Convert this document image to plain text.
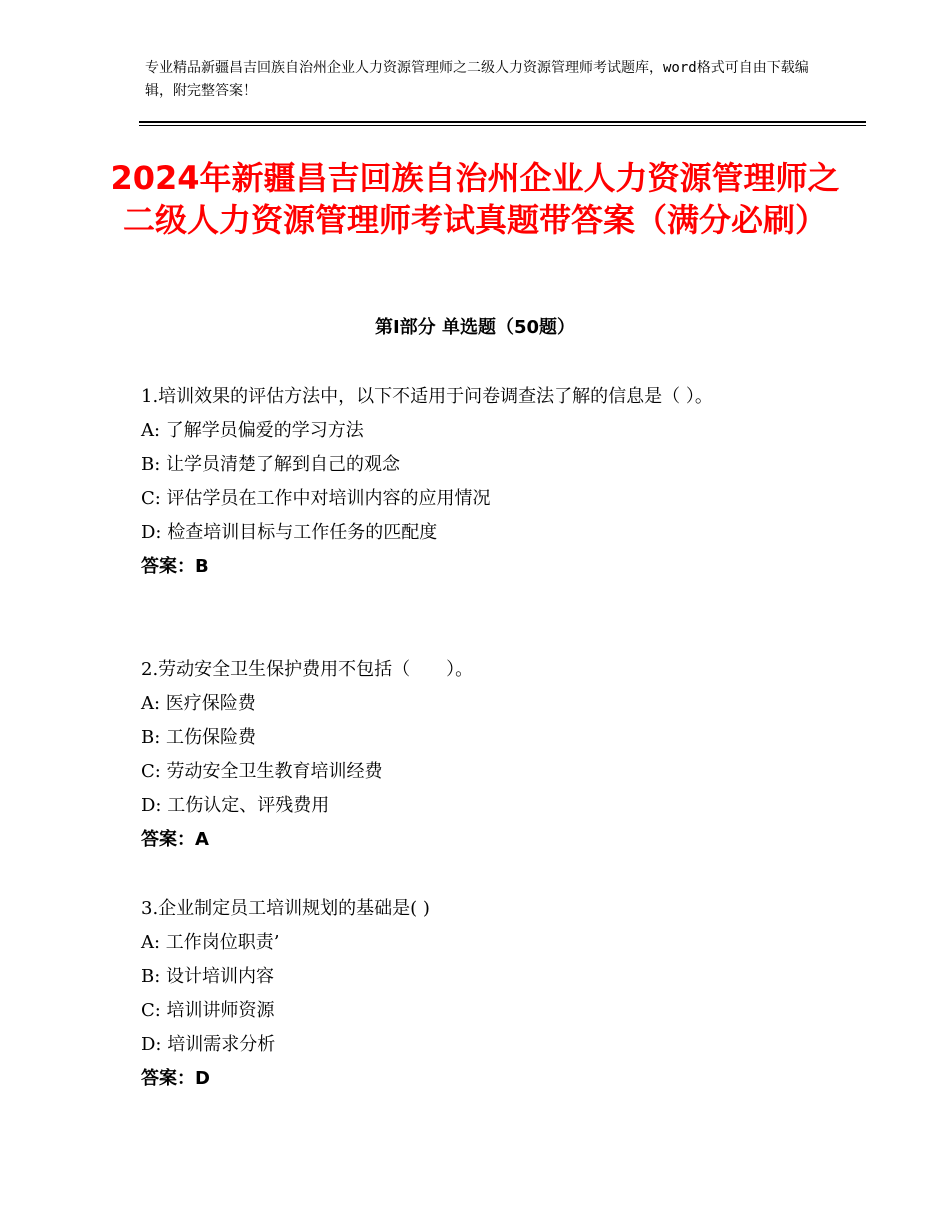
专业精品新疆昌吉回族自治州企业人力资源管理师之二级人力资源管理师考试题库，word格式可自由下载编辑，附完整答案！
2024年新疆昌吉回族自治州企业人力资源管理师之二级人力资源管理师考试真题带答案（满分必刷）
第Ⅰ部分 单选题（50题）
1.培训效果的评估方法中，以下不适用于问卷调查法了解的信息是（ ）。
A: 了解学员偏爱的学习方法
B: 让学员清楚了解到自己的观念
C: 评估学员在工作中对培训内容的应用情况
D: 检查培训目标与工作任务的匹配度
答案：B
2.劳动安全卫生保护费用不包括（　　）。
A: 医疗保险费
B: 工伤保险费
C: 劳动安全卫生教育培训经费
D: 工伤认定、评残费用
答案：A
3.企业制定员工培训规划的基础是( )
A: 工作岗位职责’
B: 设计培训内容
C: 培训讲师资源
D: 培训需求分析
答案：D
